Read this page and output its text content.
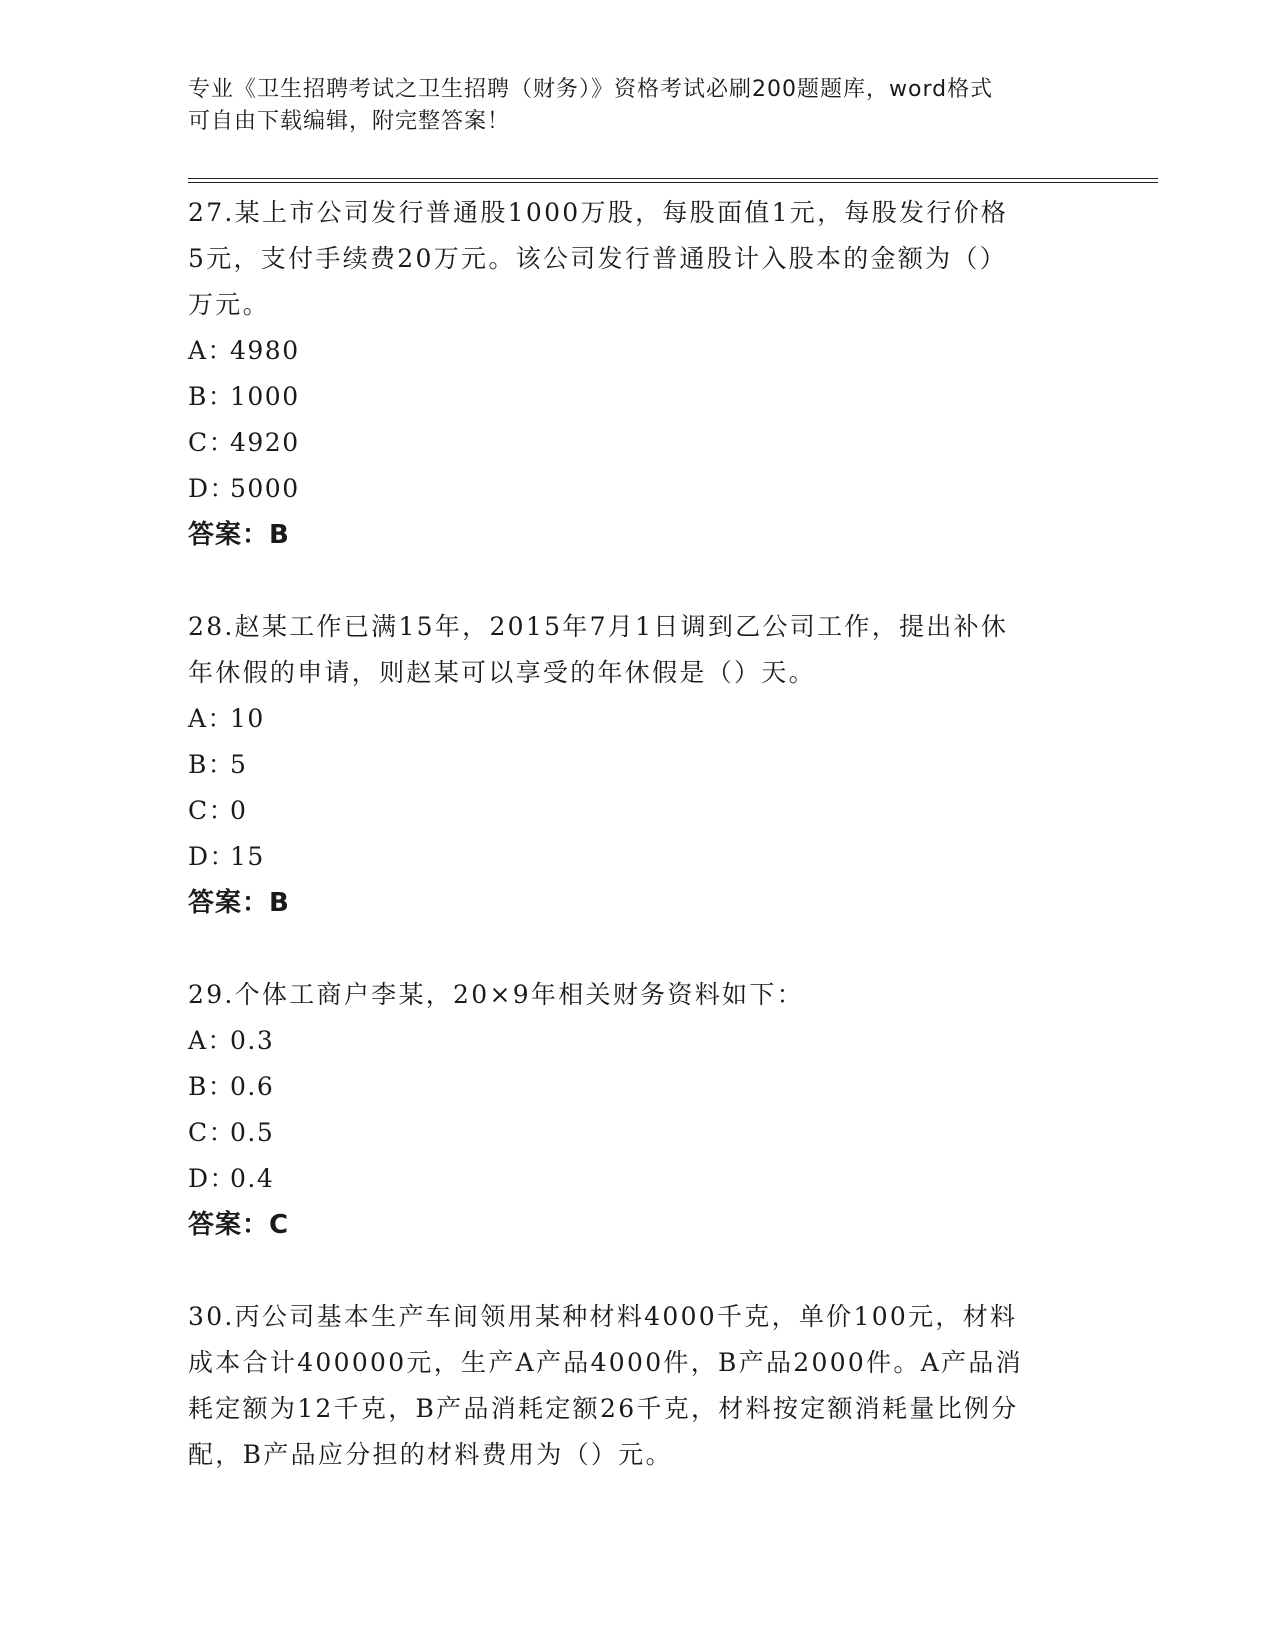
专业《卫生招聘考试之卫生招聘（财务）》资格考试必刷200题题库，word格式
可自由下载编辑，附完整答案！
27.某上市公司发行普通股1000万股，每股面值1元，每股发行价格
5元，支付手续费20万元。该公司发行普通股计入股本的金额为（）
万元。
A：4980
B：1000
C：4920
D：5000
答案：B
28.赵某工作已满15年，2015年7月1日调到乙公司工作，提出补休
年休假的申请，则赵某可以享受的年休假是（）天。
A：10
B：5
C：0
D：15
答案：B
29.个体工商户李某，20×9年相关财务资料如下：
A：0.3
B：0.6
C：0.5
D：0.4
答案：C
30.丙公司基本生产车间领用某种材料4000千克，单价100元，材料
成本合计400000元，生产A产品4000件，B产品2000件。A产品消
耗定额为12千克，B产品消耗定额26千克，材料按定额消耗量比例分
配，B产品应分担的材料费用为（）元。
